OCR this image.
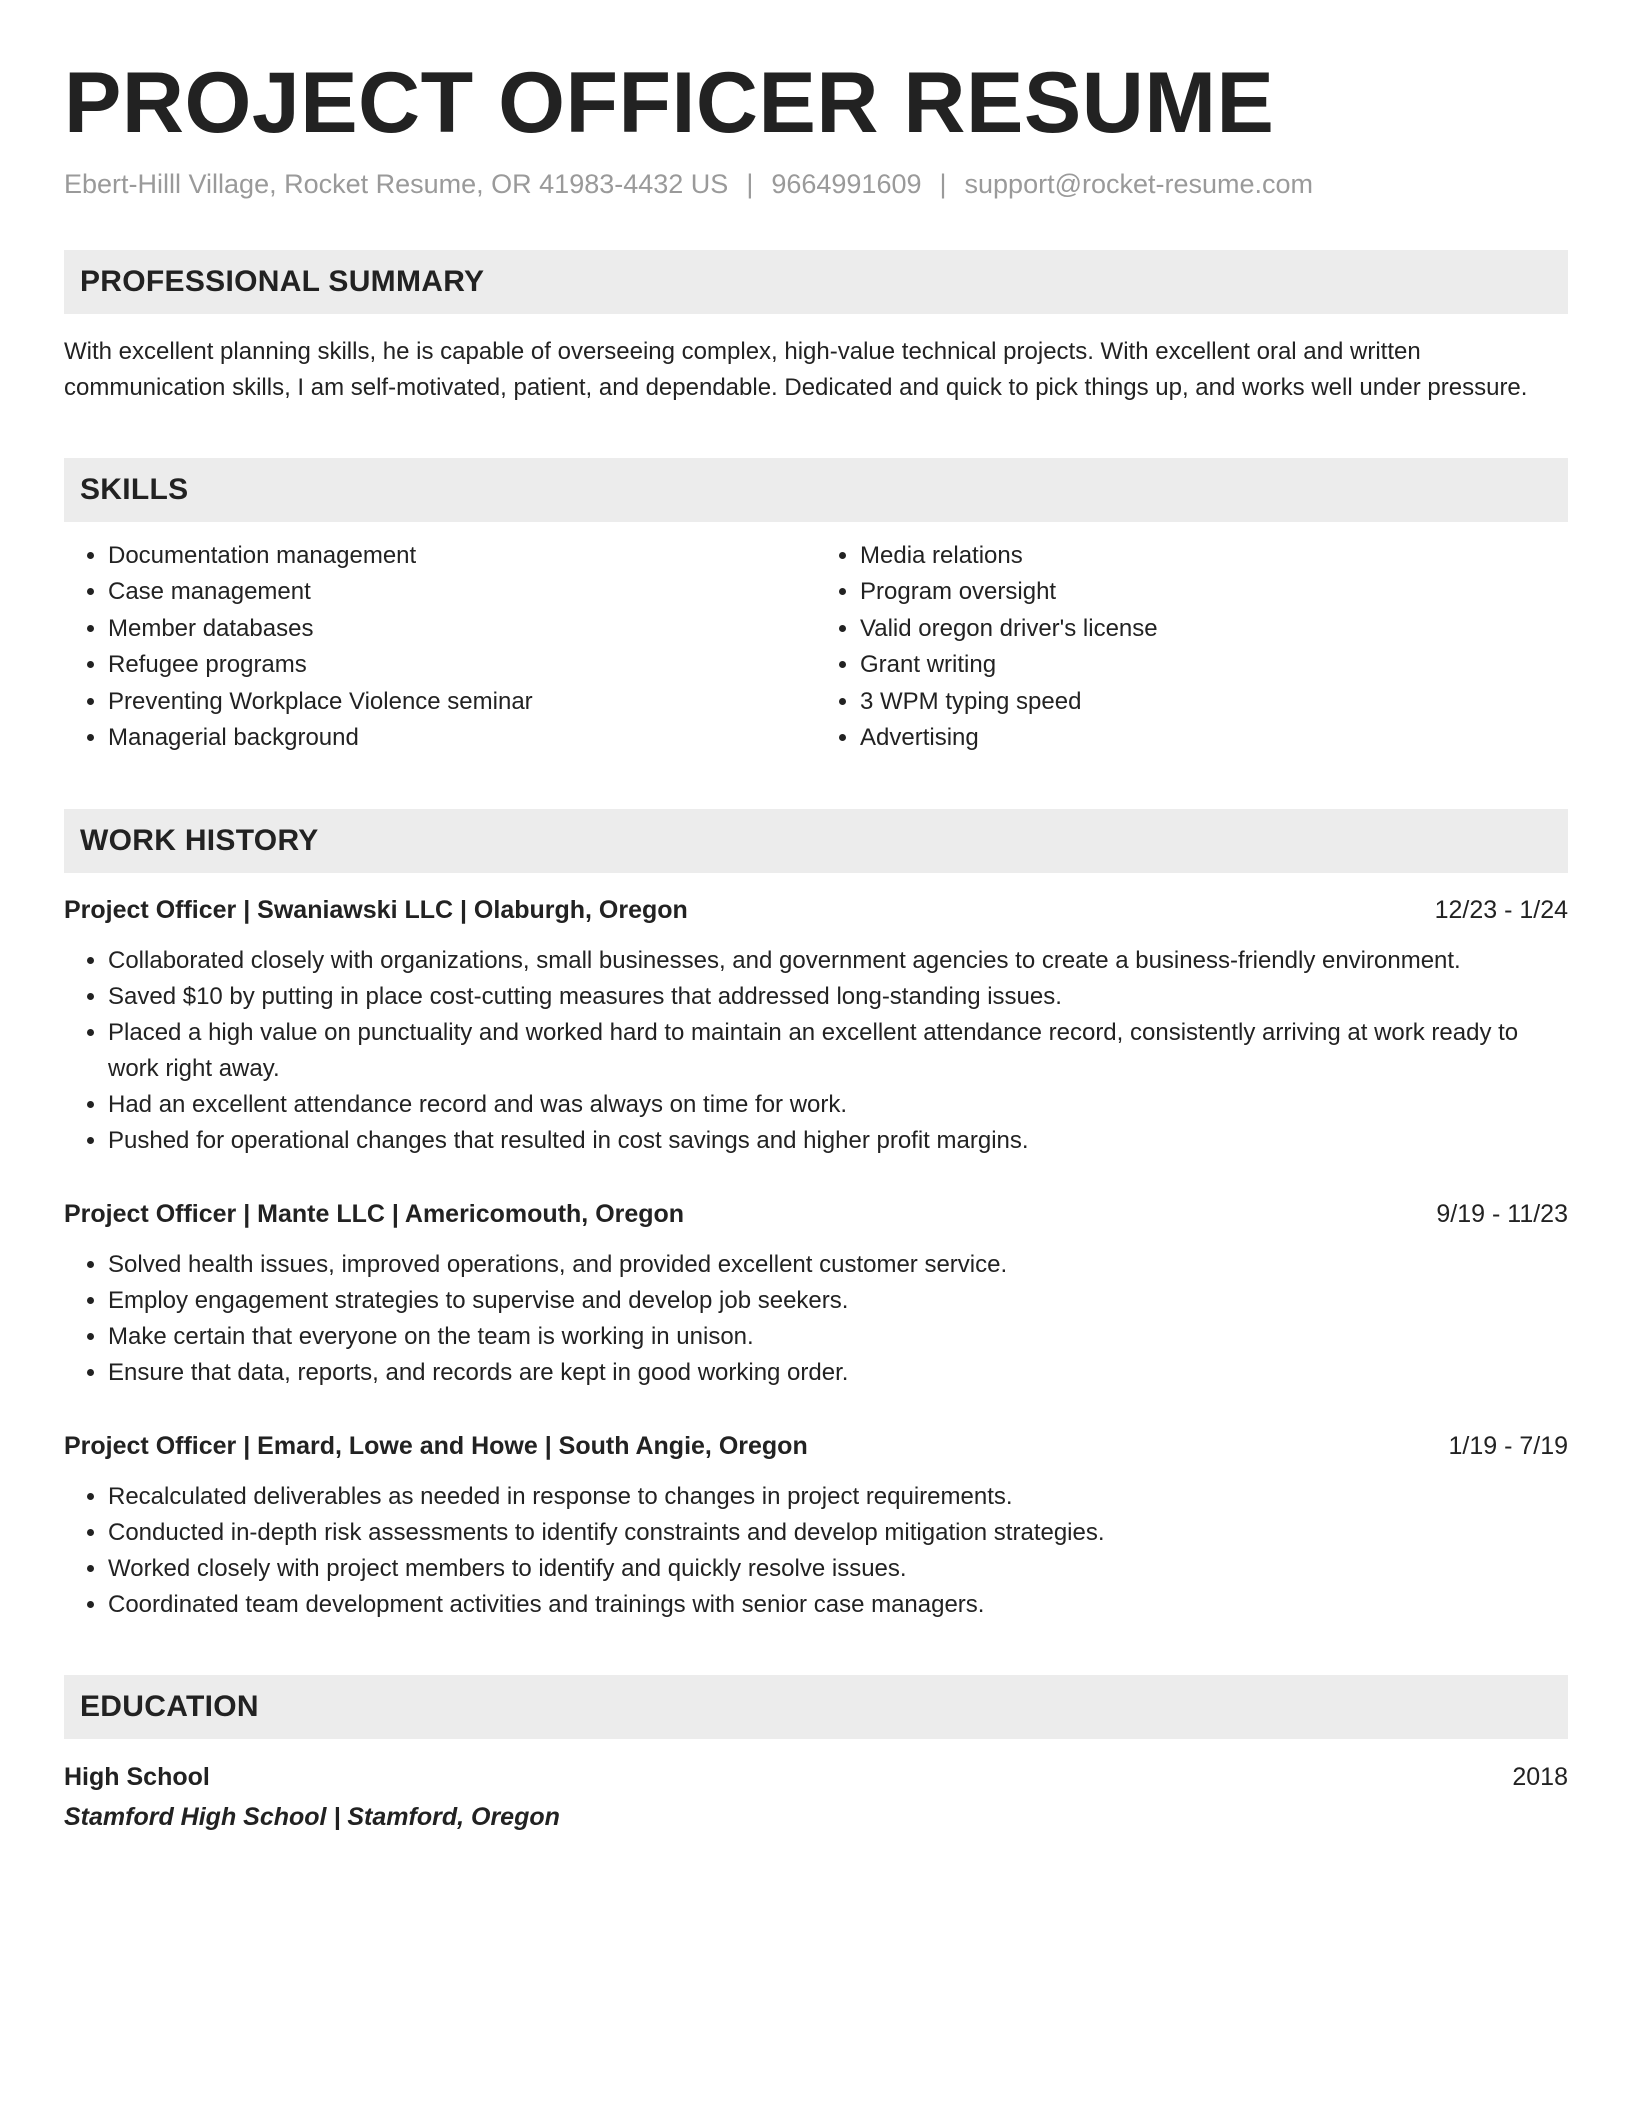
PROJECT OFFICER RESUME
Ebert-Hilll Village, Rocket Resume, OR 41983-4432 US | 9664991609 | support@rocket-resume.com
PROFESSIONAL SUMMARY

With excellent planning skills, he is capable of overseeing complex, high-value technical projects. With excellent oral and written communication skills, I am self-motivated, patient, and dependable. Dedicated and quick to pick things up, and works well under pressure.

SKILLS
• Documentation management
• Case management
• Member databases
• Refugee programs
• Preventing Workplace Violence seminar
• Managerial background
• Media relations
• Program oversight
• Valid oregon driver's license
• Grant writing
• 3 WPM typing speed
• Advertising
WORK HISTORY
Project Officer | Swaniawski LLC | Olaburgh, Oregon	12/23 - 1/24
• Collaborated closely with organizations, small businesses, and government agencies to create a business-friendly environment.
• Saved $10 by putting in place cost-cutting measures that addressed long-standing issues.
• Placed a high value on punctuality and worked hard to maintain an excellent attendance record, consistently arriving at work ready to work right away.
• Had an excellent attendance record and was always on time for work.
• Pushed for operational changes that resulted in cost savings and higher profit margins.
Project Officer | Mante LLC | Americomouth, Oregon	9/19 - 11/23
• Solved health issues, improved operations, and provided excellent customer service.
• Employ engagement strategies to supervise and develop job seekers.
• Make certain that everyone on the team is working in unison.
• Ensure that data, reports, and records are kept in good working order.
Project Officer | Emard, Lowe and Howe | South Angie, Oregon	1/19 - 7/19
• Recalculated deliverables as needed in response to changes in project requirements.
• Conducted in-depth risk assessments to identify constraints and develop mitigation strategies.
• Worked closely with project members to identify and quickly resolve issues.
• Coordinated team development activities and trainings with senior case managers.
EDUCATION
High School	2018
Stamford High School | Stamford, Oregon
